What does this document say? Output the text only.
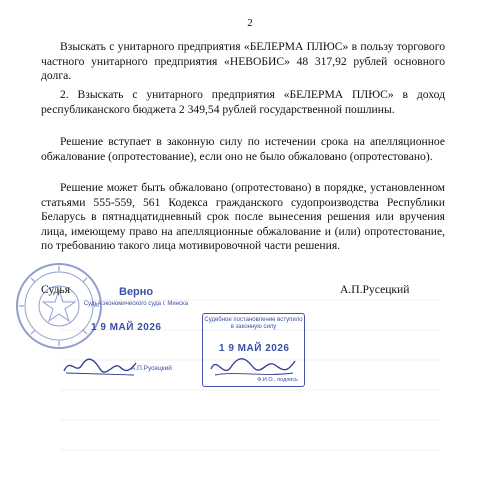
2

Взыскать с унитарного предприятия «БЕЛЕРМА ПЛЮС» в пользу торгового частного унитарного предприятия «НЕВОБИС» 48 317,92 рублей основного долга.

2. Взыскать с унитарного предприятия «БЕЛЕРМА ПЛЮС» в доход республиканского бюджета 2 349,54 рублей государственной пошлины.

Решение вступает в законную силу по истечении срока на апелляционное обжалование (опротестование), если оно не было обжаловано (опротестовано).

Решение может быть обжаловано (опротестовано) в порядке, установленном статьями 555-559, 561 Кодекса гражданского судопроизводства Республики Беларусь в пятнадцатидневный срок после вынесения решения или вручения лица, имеющему право на апелляционные обжалование и (или) опротестование, по требованию такого лица мотивировочной части решения.

Судья	А.П.Русецкий
Верно
Судья экономического суда г. Минска
1 9 МАЙ 2026
А.П.Русецкий
Судебное постановление вступило в законную силу
1 9 МАЙ 2026
Ф.И.О., подпись
